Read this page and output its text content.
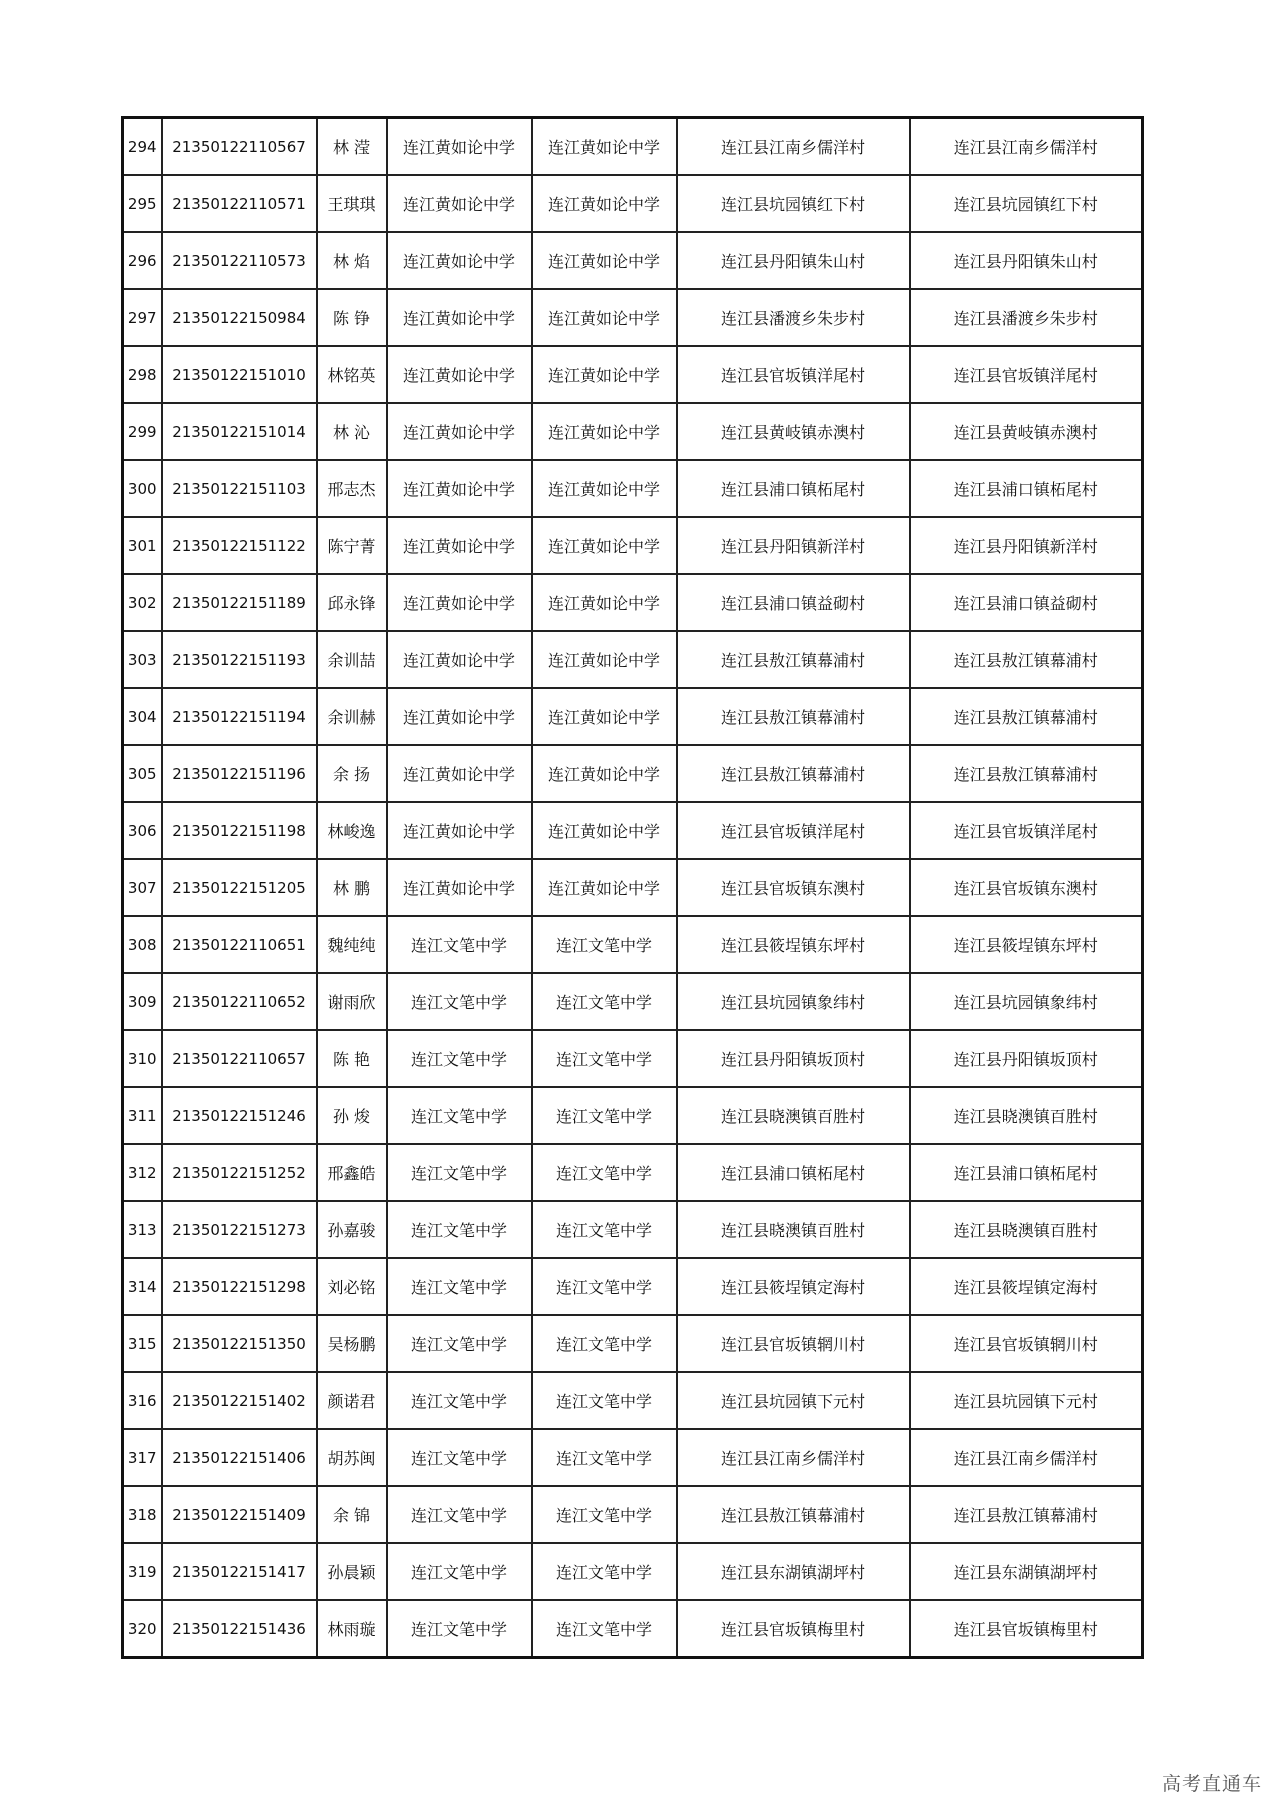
294	21350122110567	林 滢	连江黄如论中学	连江黄如论中学	连江县江南乡儒洋村	连江县江南乡儒洋村
295	21350122110571	王琪琪	连江黄如论中学	连江黄如论中学	连江县坑园镇红下村	连江县坑园镇红下村
296	21350122110573	林 焰	连江黄如论中学	连江黄如论中学	连江县丹阳镇朱山村	连江县丹阳镇朱山村
297	21350122150984	陈 铮	连江黄如论中学	连江黄如论中学	连江县潘渡乡朱步村	连江县潘渡乡朱步村
298	21350122151010	林铭英	连江黄如论中学	连江黄如论中学	连江县官坂镇洋尾村	连江县官坂镇洋尾村
299	21350122151014	林 沁	连江黄如论中学	连江黄如论中学	连江县黄岐镇赤澳村	连江县黄岐镇赤澳村
300	21350122151103	邢志杰	连江黄如论中学	连江黄如论中学	连江县浦口镇柘尾村	连江县浦口镇柘尾村
301	21350122151122	陈宁菁	连江黄如论中学	连江黄如论中学	连江县丹阳镇新洋村	连江县丹阳镇新洋村
302	21350122151189	邱永锋	连江黄如论中学	连江黄如论中学	连江县浦口镇益砌村	连江县浦口镇益砌村
303	21350122151193	余训喆	连江黄如论中学	连江黄如论中学	连江县敖江镇幕浦村	连江县敖江镇幕浦村
304	21350122151194	余训赫	连江黄如论中学	连江黄如论中学	连江县敖江镇幕浦村	连江县敖江镇幕浦村
305	21350122151196	余 扬	连江黄如论中学	连江黄如论中学	连江县敖江镇幕浦村	连江县敖江镇幕浦村
306	21350122151198	林峻逸	连江黄如论中学	连江黄如论中学	连江县官坂镇洋尾村	连江县官坂镇洋尾村
307	21350122151205	林 鹏	连江黄如论中学	连江黄如论中学	连江县官坂镇东澳村	连江县官坂镇东澳村
308	21350122110651	魏纯纯	连江文笔中学	连江文笔中学	连江县筱埕镇东坪村	连江县筱埕镇东坪村
309	21350122110652	谢雨欣	连江文笔中学	连江文笔中学	连江县坑园镇象纬村	连江县坑园镇象纬村
310	21350122110657	陈 艳	连江文笔中学	连江文笔中学	连江县丹阳镇坂顶村	连江县丹阳镇坂顶村
311	21350122151246	孙 焌	连江文笔中学	连江文笔中学	连江县晓澳镇百胜村	连江县晓澳镇百胜村
312	21350122151252	邢鑫皓	连江文笔中学	连江文笔中学	连江县浦口镇柘尾村	连江县浦口镇柘尾村
313	21350122151273	孙嘉骏	连江文笔中学	连江文笔中学	连江县晓澳镇百胜村	连江县晓澳镇百胜村
314	21350122151298	刘必铭	连江文笔中学	连江文笔中学	连江县筱埕镇定海村	连江县筱埕镇定海村
315	21350122151350	吴杨鹏	连江文笔中学	连江文笔中学	连江县官坂镇辋川村	连江县官坂镇辋川村
316	21350122151402	颜诺君	连江文笔中学	连江文笔中学	连江县坑园镇下元村	连江县坑园镇下元村
317	21350122151406	胡苏闽	连江文笔中学	连江文笔中学	连江县江南乡儒洋村	连江县江南乡儒洋村
318	21350122151409	余 锦	连江文笔中学	连江文笔中学	连江县敖江镇幕浦村	连江县敖江镇幕浦村
319	21350122151417	孙晨颖	连江文笔中学	连江文笔中学	连江县东湖镇湖坪村	连江县东湖镇湖坪村
320	21350122151436	林雨璇	连江文笔中学	连江文笔中学	连江县官坂镇梅里村	连江县官坂镇梅里村
高考直通车
